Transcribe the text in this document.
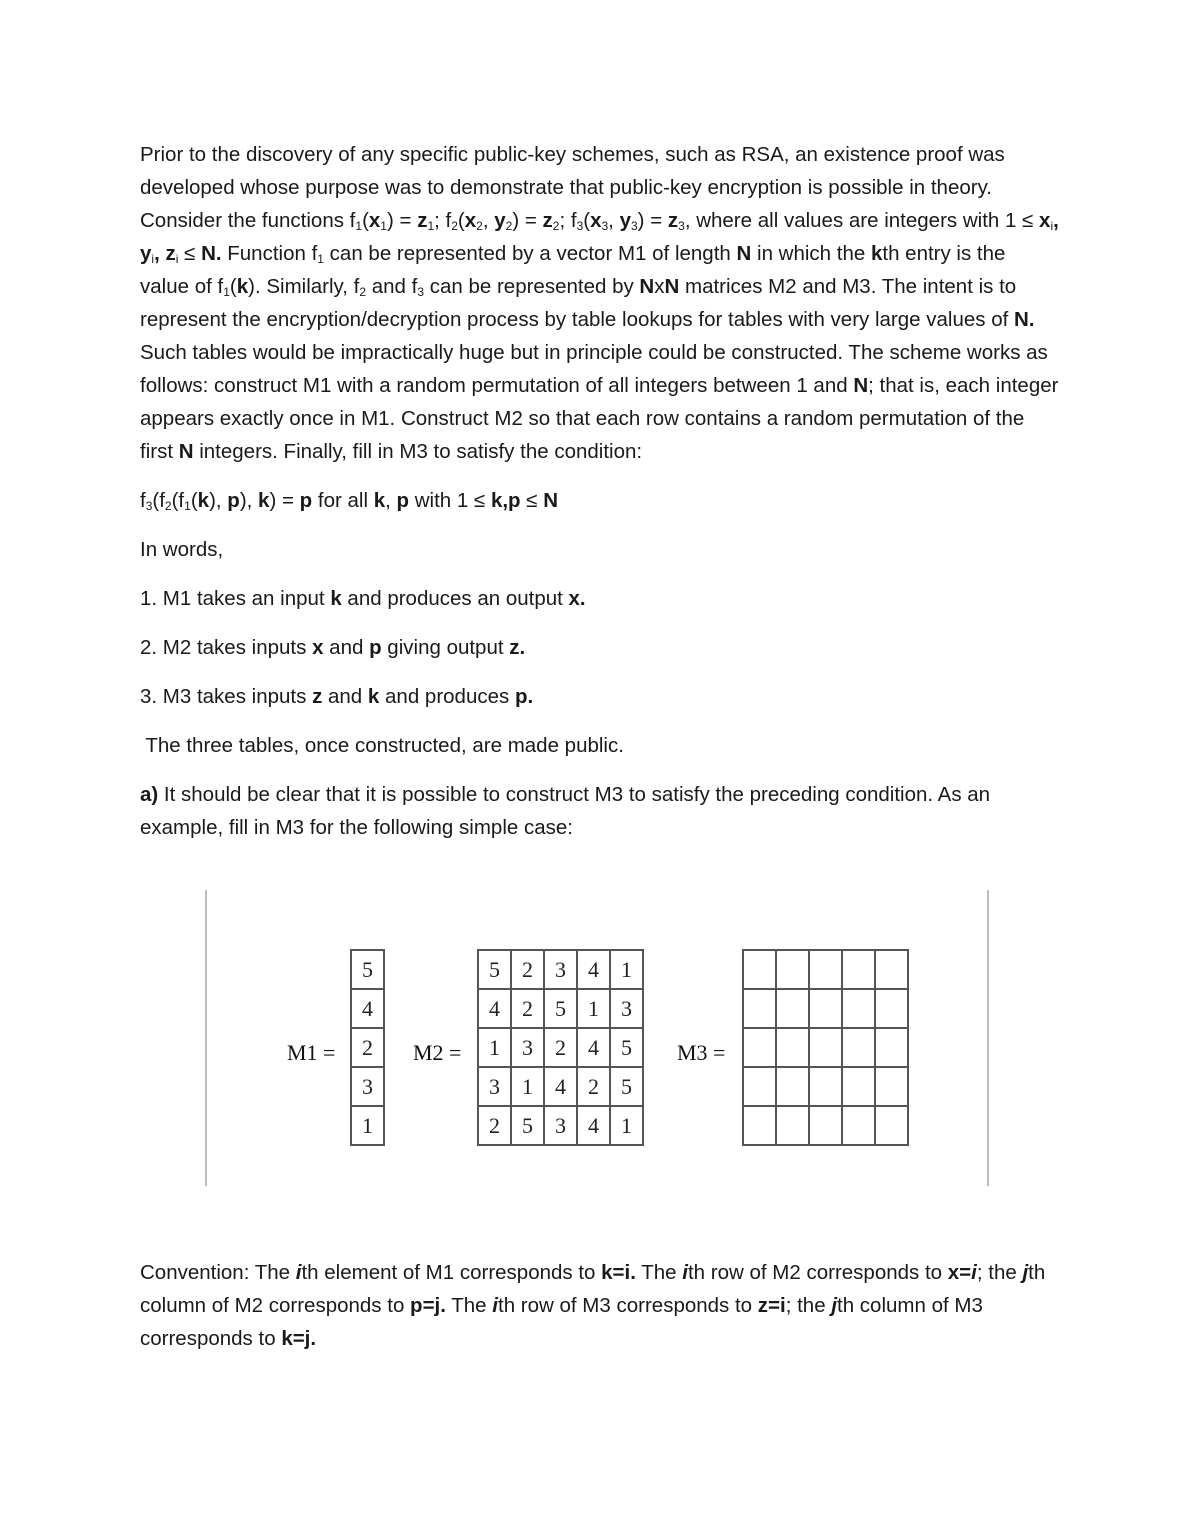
Prior to the discovery of any specific public-key schemes, such as RSA, an existence proof was developed whose purpose was to demonstrate that public-key encryption is possible in theory. Consider the functions $f_1(x_1) = z_1$; $f_2(x_2$, $y_2) = z_2$; $f_3(x_3$, $y_3) = z_3$, where all values are integers with $1 \le x_i$, $y_i$, $z_i \le N$. Function $f_1$ can be represented by a vector M1 of length N in which the kth entry is the value of $f_1(k)$. Similarly, $f_2$ and $f_3$ can be represented by NxN matrices M2 and M3. The intent is to represent the encryption/decryption process by table lookups for tables with very large values of N. Such tables would be impractically huge but in principle could be constructed. The scheme works as follows: construct M1 with a random permutation of all integers between 1 and N; that is, each integer appears exactly once in M1. Construct M2 so that each row contains a random permutation of the first N integers. Finally, fill in M3 to satisfy the condition:

$f_3(f_2(f_1(k)$, p), k) = p for all k, p with 1 ≤ k,p ≤ N

In words,

1. M1 takes an input k and produces an output x.

2. M2 takes inputs x and p giving output z.

3. M3 takes inputs z and k and produces p.

The three tables, once constructed, are made public.

a) It should be clear that it is possible to construct M3 to satisfy the preceding condition. As an example, fill in M3 for the following simple case:

M1 =
5
4
2
3
1
M2 =
5	2	3	4	1
4	2	5	1	3
1	3	2	4	5
3	1	4	2	5
2	5	3	4	1
M3 =

Convention: The ith element of M1 corresponds to k=i. The ith row of M2 corresponds to x=i; the jth column of M2 corresponds to p=j. The ith row of M3 corresponds to z=i; the jth column of M3 corresponds to k=j.
